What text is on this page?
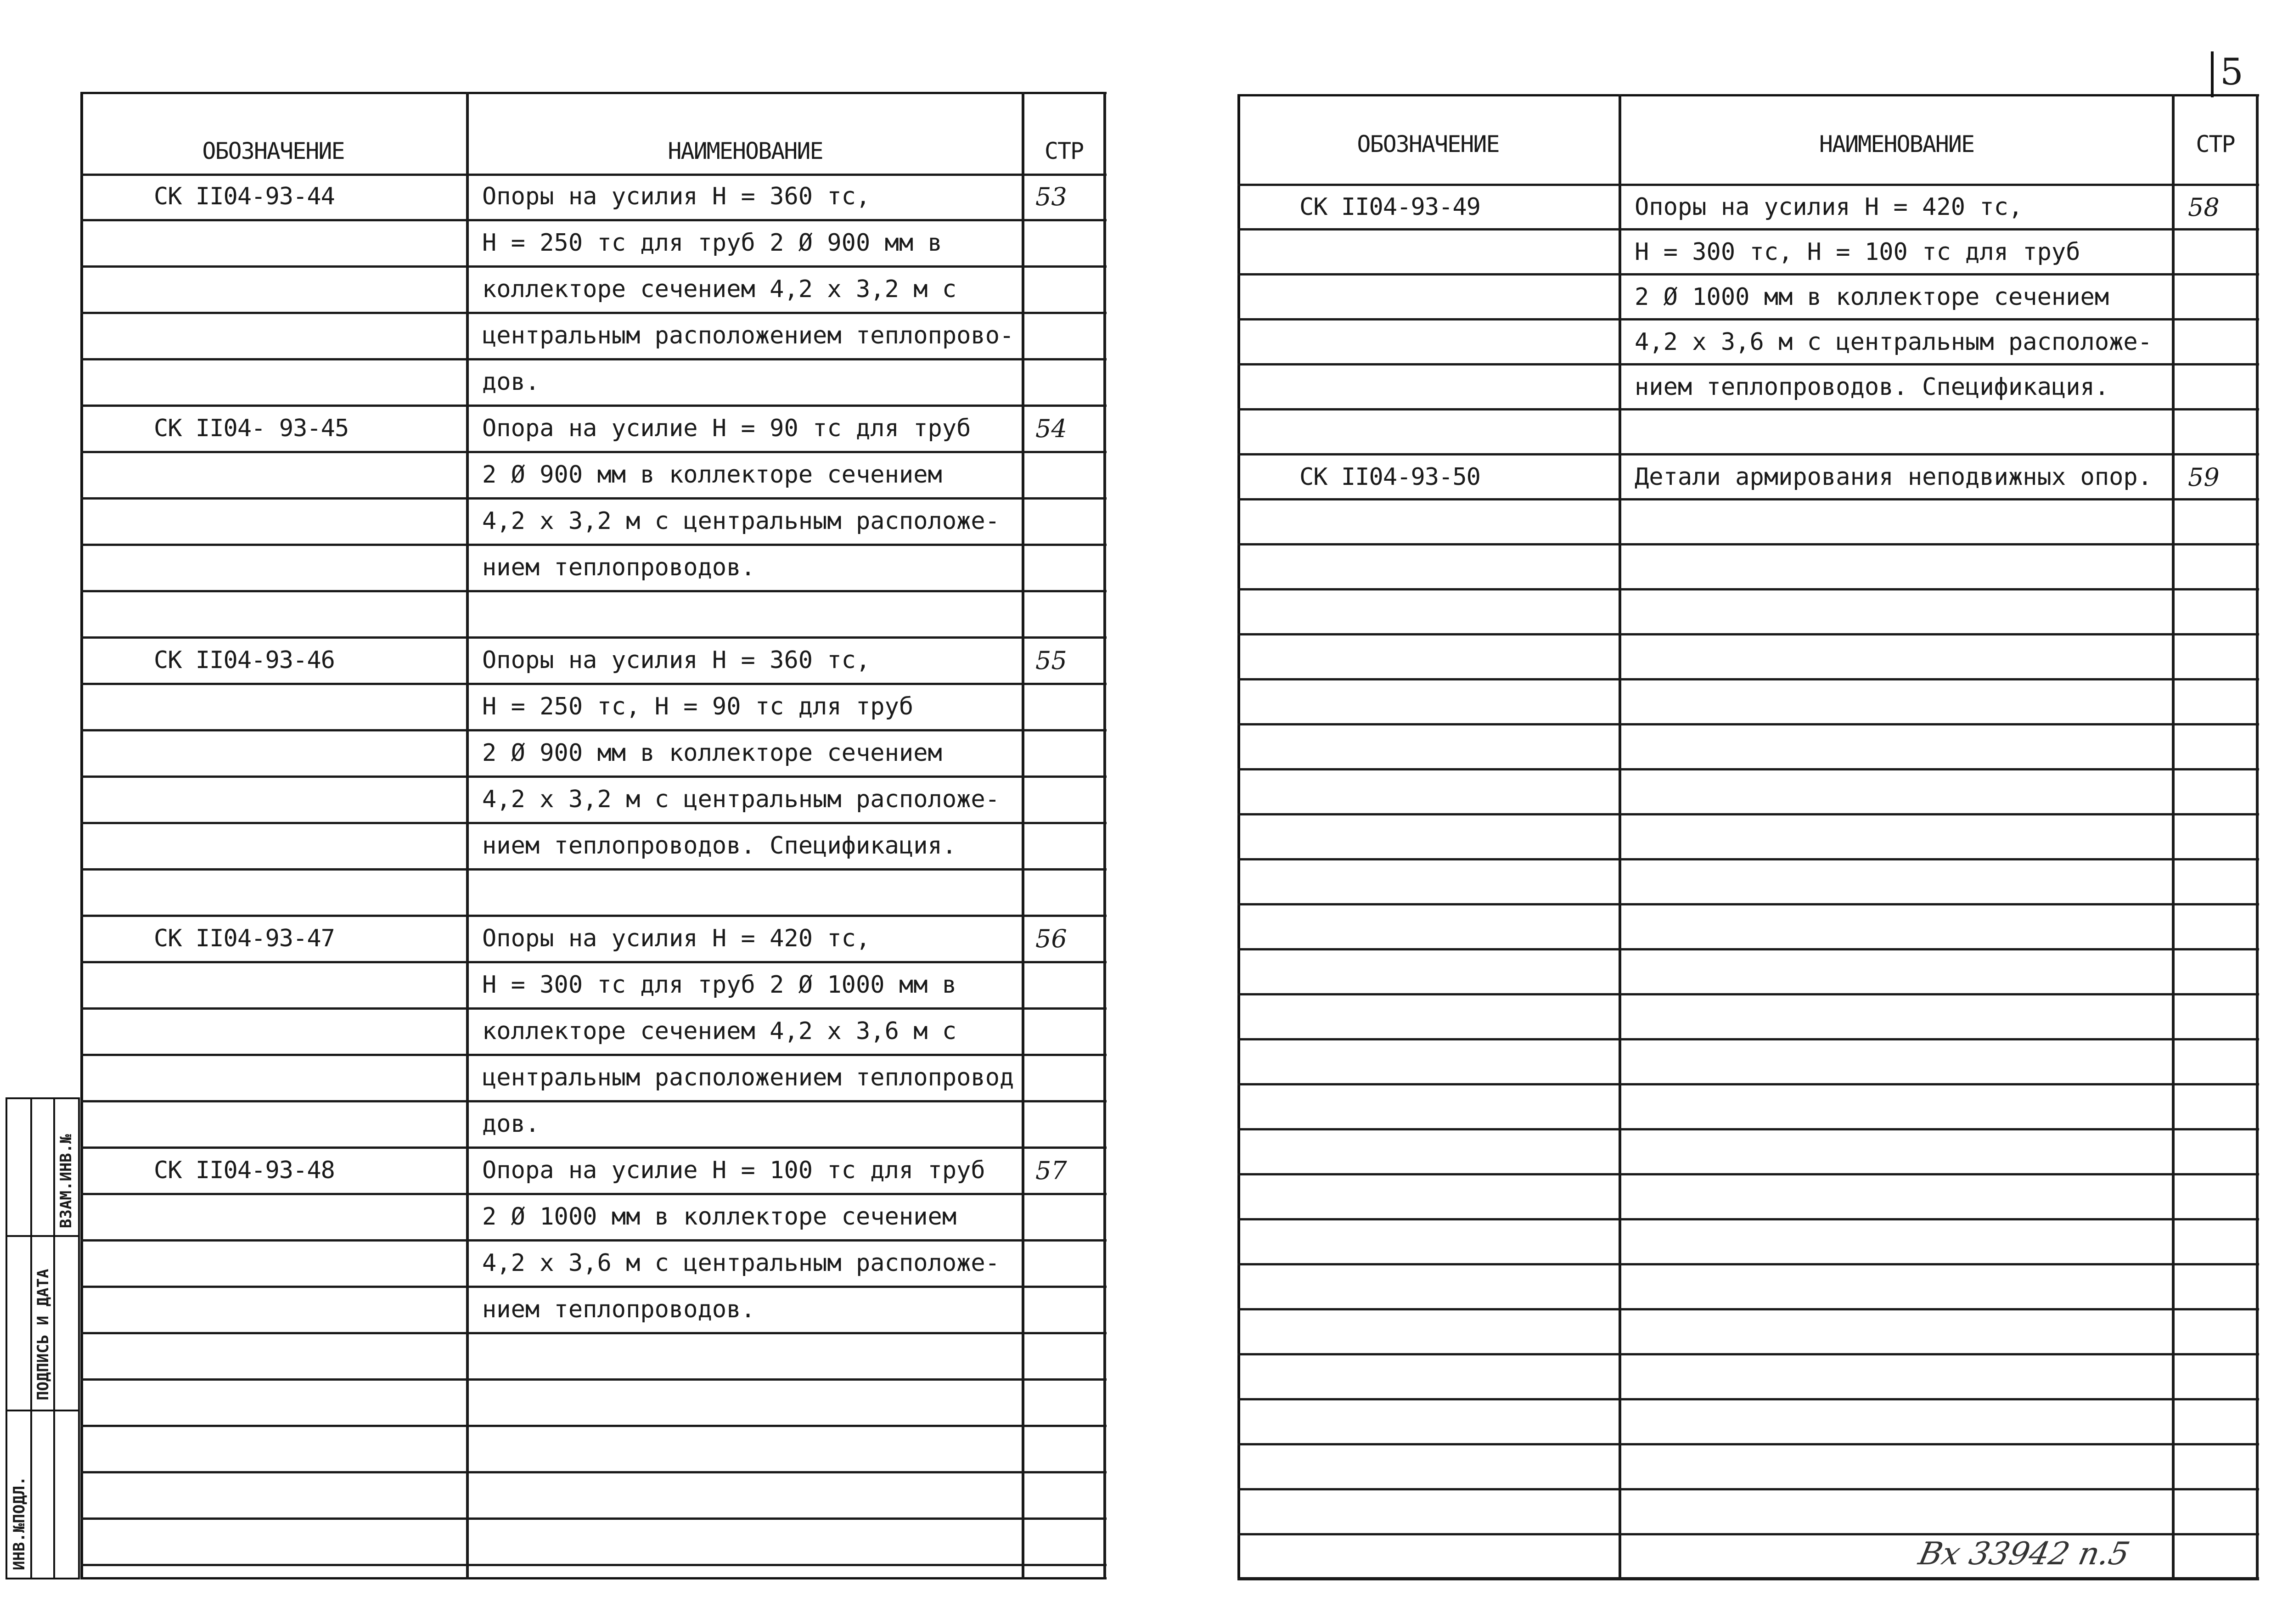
5
ОБОЗНАЧЕНИЕ	НАИМЕНОВАНИЕ	СТР
СК II04-93-44	Опоры на усилия Н = 360 тс,	53
Н = 250 тс для труб 2 Ø 900 мм в
коллекторе сечением 4,2 х 3,2 м с
центральным расположением теплопрово-
дов.
СК II04- 93-45	Опора на усилие Н = 90 тс для труб	54
2 Ø 900 мм в коллекторе сечением
4,2 х 3,2 м с центральным расположе-
нием теплопроводов.
СК II04-93-46	Опоры на усилия Н = 360 тс,	55
Н = 250 тс, Н = 90 тс для труб
2 Ø 900 мм в коллекторе сечением
4,2 х 3,2 м с центральным расположе-
нием теплопроводов. Спецификация.
СК II04-93-47	Опоры на усилия Н = 420 тс,	56
Н = 300 тс для труб 2 Ø 1000 мм в
коллекторе сечением 4,2 х 3,6 м с
центральным расположением теплопровод
дов.
СК II04-93-48	Опора на усилие Н = 100 тс для труб 57
2 Ø 1000 мм в коллекторе сечением
4,2 х 3,6 м с центральным расположе-
нием теплопроводов.
ОБОЗНАЧЕНИЕ	НАИМЕНОВАНИЕ	СТР
СК II04-93-49	Опоры на усилия Н = 420 тс,	58
Н = 300 тс, Н = 100 тс для труб
2 Ø 1000 мм в коллекторе сечением
4,2 х 3,6 м с центральным расположе-
нием теплопроводов. Спецификация.
СК II04-93-50	Детали армирования неподвижных опор. 59
ИНВ.№ПОДЛ.
ПОДПИСЬ И ДАТА
ВЗАМ.ИНВ.№
Вх 33942 п.5
